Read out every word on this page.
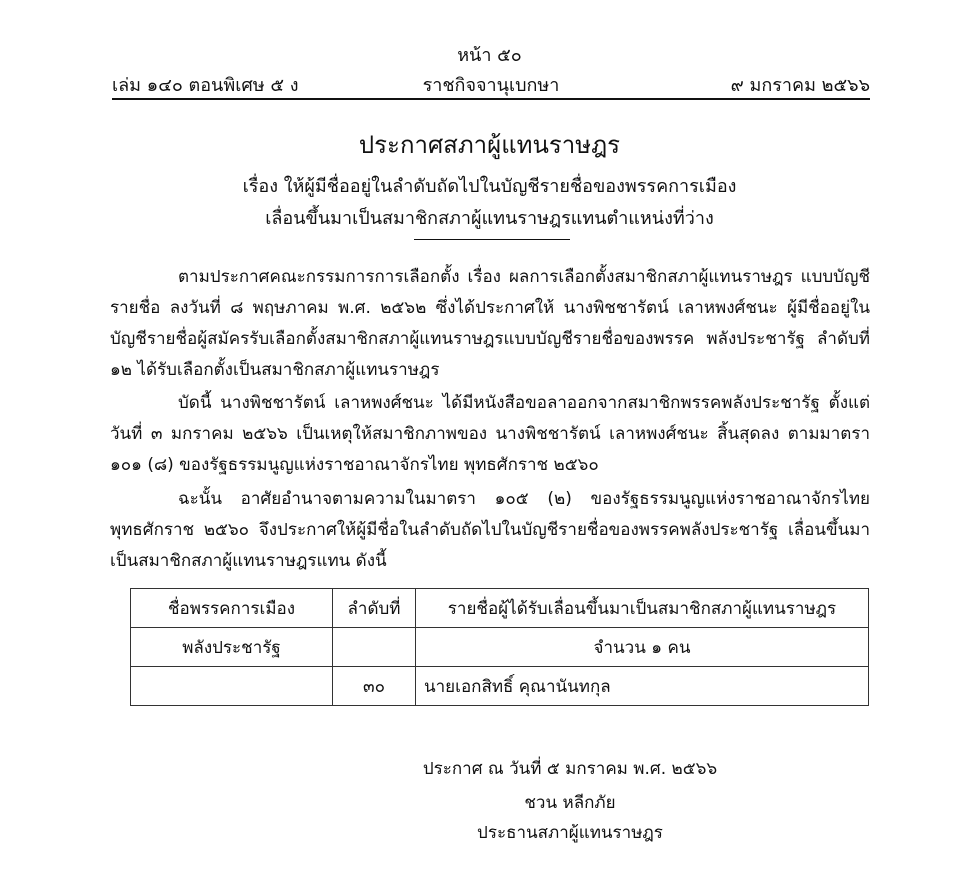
หน้า ๕๐
เล่ม ๑๔๐ ตอนพิเศษ ๕ ง	ราชกิจจานุเบกษา	๙ มกราคม ๒๕๖๖
ประกาศสภาผู้แทนราษฎร
เรื่อง ให้ผู้มีชื่ออยู่ในลำดับถัดไปในบัญชีรายชื่อของพรรคการเมือง
เลื่อนขึ้นมาเป็นสมาชิกสภาผู้แทนราษฎรแทนตำแหน่งที่ว่าง

ตามประกาศคณะกรรมการการเลือกตั้ง เรื่อง ผลการเลือกตั้งสมาชิกสภาผู้แทนราษฎร แบบบัญชีรายชื่อ ลงวันที่ ๘ พฤษภาคม พ.ศ. ๒๕๖๒ ซึ่งได้ประกาศให้ นางพิชชารัตน์ เลาหพงศ์ชนะ ผู้มีชื่ออยู่ในบัญชีรายชื่อผู้สมัครรับเลือกตั้งสมาชิกสภาผู้แทนราษฎรแบบบัญชีรายชื่อของพรรค พลังประชารัฐ ลำดับที่ ๑๒ ได้รับเลือกตั้งเป็นสมาชิกสภาผู้แทนราษฎร

บัดนี้ นางพิชชารัตน์ เลาหพงศ์ชนะ ได้มีหนังสือขอลาออกจากสมาชิกพรรคพลังประชารัฐ ตั้งแต่วันที่ ๓ มกราคม ๒๕๖๖ เป็นเหตุให้สมาชิกภาพของ นางพิชชารัตน์ เลาหพงศ์ชนะ สิ้นสุดลง ตามมาตรา ๑๐๑ (๘) ของรัฐธรรมนูญแห่งราชอาณาจักรไทย พุทธศักราช ๒๕๖๐

ฉะนั้น อาศัยอำนาจตามความในมาตรา ๑๐๕ (๒) ของรัฐธรรมนูญแห่งราชอาณาจักรไทย พุทธศักราช ๒๕๖๐ จึงประกาศให้ผู้มีชื่อในลำดับถัดไปในบัญชีรายชื่อของพรรคพลังประชารัฐ เลื่อนขึ้นมาเป็นสมาชิกสภาผู้แทนราษฎรแทน ดังนี้

ชื่อพรรคการเมือง	ลำดับที่	รายชื่อผู้ได้รับเลื่อนขึ้นมาเป็นสมาชิกสภาผู้แทนราษฎร
พลังประชารัฐ		จำนวน ๑ คน
	๓๐	นายเอกสิทธิ์ คุณานันทกุล
ประกาศ ณ วันที่ ๕ มกราคม พ.ศ. ๒๕๖๖
ชวน หลีกภัย
ประธานสภาผู้แทนราษฎร
